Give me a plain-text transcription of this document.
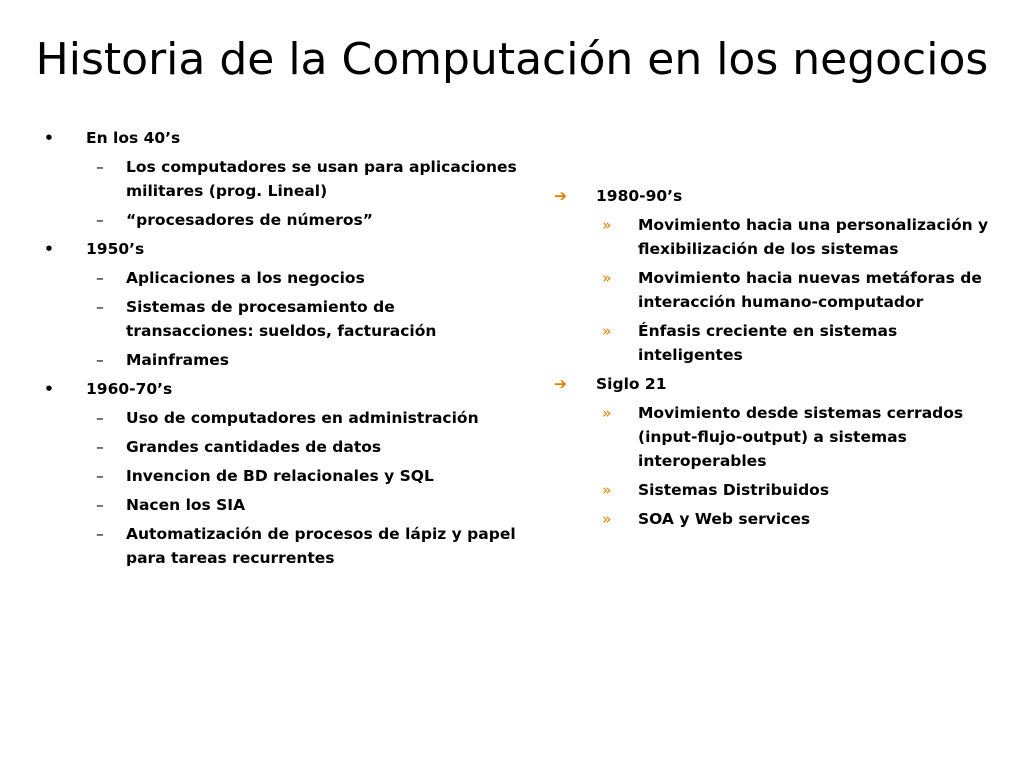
Historia de la Computación en los negocios
•	En los 40’s
–	Los computadores se usan para aplicaciones militares (prog. Lineal)
–	“procesadores de números”
•	1950’s
–	Aplicaciones a los negocios
–	Sistemas de procesamiento de transacciones: sueldos, facturación
–	Mainframes
•	1960-70’s
–	Uso de computadores en administración
–	Grandes cantidades de datos
–	Invencion de BD relacionales y SQL
–	Nacen los SIA
–	Automatización de procesos de lápiz y papel para tareas recurrentes
➔	1980-90’s
»	Movimiento hacia una personalización y flexibilización de los sistemas
»	Movimiento hacia nuevas metáforas de interacción humano-computador
»	Énfasis creciente en sistemas inteligentes
➔	Siglo 21
»	Movimiento desde sistemas cerrados (input-flujo-output) a sistemas interoperables
»	Sistemas Distribuidos
»	SOA y Web services
